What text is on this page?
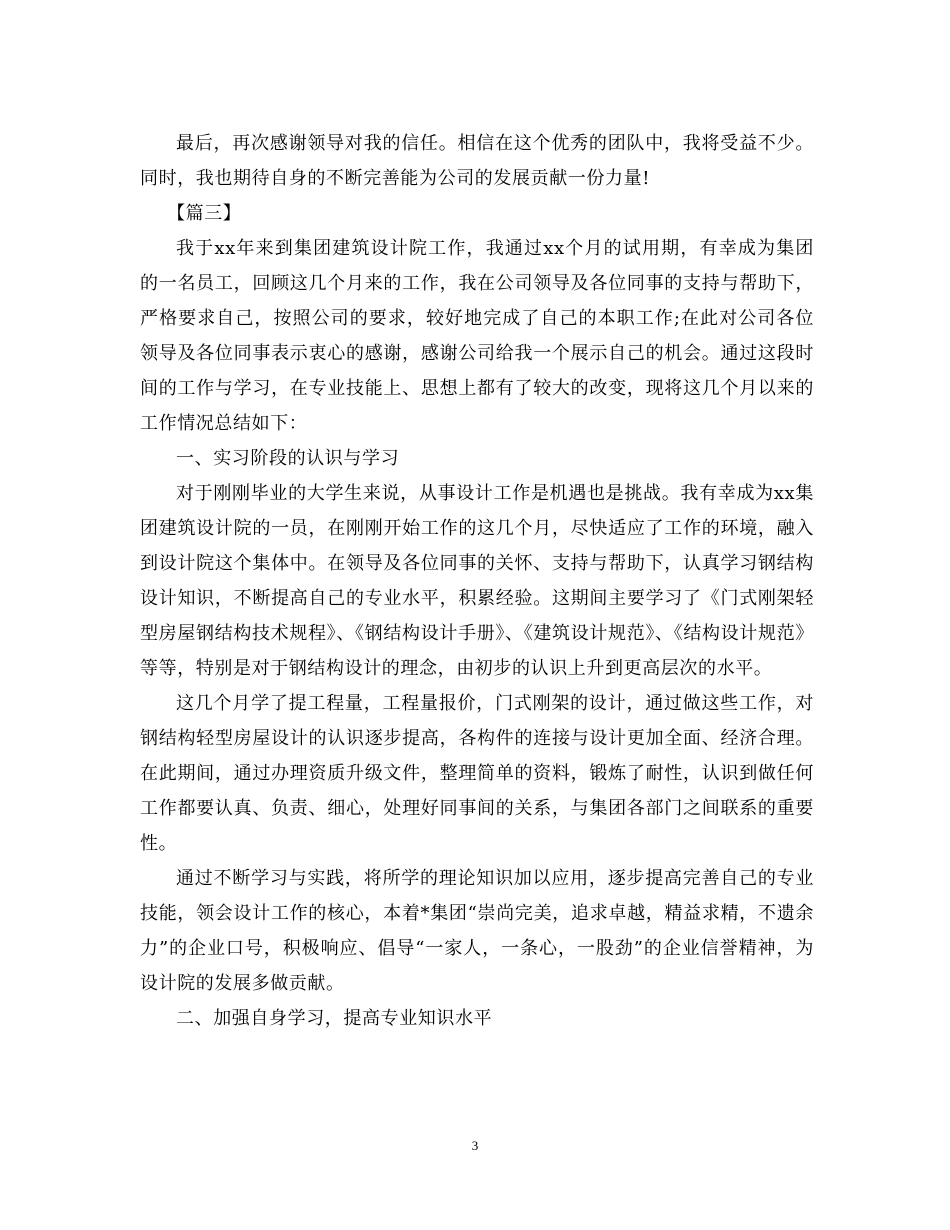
最后，再次感谢领导对我的信任。相信在这个优秀的团队中，我将受益不少。同时，我也期待自身的不断完善能为公司的发展贡献一份力量!

【篇三】

我于xx年来到集团建筑设计院工作，我通过xx个月的试用期，有幸成为集团的一名员工，回顾这几个月来的工作，我在公司领导及各位同事的支持与帮助下，严格要求自己，按照公司的要求，较好地完成了自己的本职工作;在此对公司各位领导及各位同事表示衷心的感谢，感谢公司给我一个展示自己的机会。通过这段时间的工作与学习，在专业技能上、思想上都有了较大的改变，现将这几个月以来的工作情况总结如下：

一、实习阶段的认识与学习

对于刚刚毕业的大学生来说，从事设计工作是机遇也是挑战。我有幸成为xx集团建筑设计院的一员，在刚刚开始工作的这几个月，尽快适应了工作的环境，融入到设计院这个集体中。在领导及各位同事的关怀、支持与帮助下，认真学习钢结构设计知识，不断提高自己的专业水平，积累经验。这期间主要学习了《门式刚架轻型房屋钢结构技术规程》、《钢结构设计手册》、《建筑设计规范》、《结构设计规范》等等，特别是对于钢结构设计的理念，由初步的认识上升到更高层次的水平。

这几个月学了提工程量，工程量报价，门式刚架的设计，通过做这些工作，对钢结构轻型房屋设计的认识逐步提高，各构件的连接与设计更加全面、经济合理。在此期间，通过办理资质升级文件，整理简单的资料，锻炼了耐性，认识到做任何工作都要认真、负责、细心，处理好同事间的关系，与集团各部门之间联系的重要性。

通过不断学习与实践，将所学的理论知识加以应用，逐步提高完善自己的专业技能，领会设计工作的核心，本着*集团“崇尚完美，追求卓越，精益求精，不遗余力”的企业口号，积极响应、倡导“一家人，一条心，一股劲”的企业信誉精神，为设计院的发展多做贡献。

二、加强自身学习，提高专业知识水平

3
